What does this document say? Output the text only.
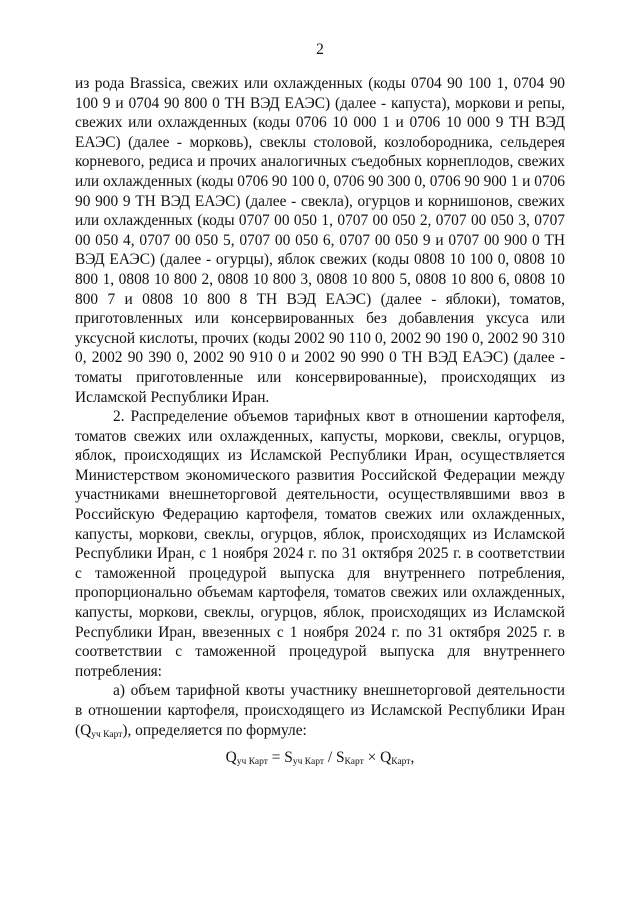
2

из рода Brassica, свежих или охлажденных (коды 0704 90 100 1, 0704 90 100 9 и 0704 90 800 0 ТН ВЭД ЕАЭС) (далее - капуста), моркови и репы, свежих или охлажденных (коды 0706 10 000 1 и 0706 10 000 9 ТН ВЭД ЕАЭС) (далее - морковь), свеклы столовой, козлобородника, сельдерея корневого, редиса и прочих аналогичных съедобных корнеплодов, свежих или охлажденных (коды 0706 90 100 0, 0706 90 300 0, 0706 90 900 1 и 0706 90 900 9 ТН ВЭД ЕАЭС) (далее - свекла), огурцов и корнишонов, свежих или охлажденных (коды 0707 00 050 1, 0707 00 050 2, 0707 00 050 3, 0707 00 050 4, 0707 00 050 5, 0707 00 050 6, 0707 00 050 9 и 0707 00 900 0 ТН ВЭД ЕАЭС) (далее - огурцы), яблок свежих (коды 0808 10 100 0, 0808 10 800 1, 0808 10 800 2, 0808 10 800 3, 0808 10 800 5, 0808 10 800 6, 0808 10 800 7 и 0808 10 800 8 ТН ВЭД ЕАЭС) (далее - яблоки), томатов, приготовленных или консервированных без добавления уксуса или уксусной кислоты, прочих (коды 2002 90 110 0, 2002 90 190 0, 2002 90 310 0, 2002 90 390 0, 2002 90 910 0 и 2002 90 990 0 ТН ВЭД ЕАЭС) (далее - томаты приготовленные или консервированные), происходящих из Исламской Республики Иран.

2. Распределение объемов тарифных квот в отношении картофеля, томатов свежих или охлажденных, капусты, моркови, свеклы, огурцов, яблок, происходящих из Исламской Республики Иран, осуществляется Министерством экономического развития Российской Федерации между участниками внешнеторговой деятельности, осуществлявшими ввоз в Российскую Федерацию картофеля, томатов свежих или охлажденных, капусты, моркови, свеклы, огурцов, яблок, происходящих из Исламской Республики Иран, с 1 ноября 2024 г. по 31 октября 2025 г. в соответствии с таможенной процедурой выпуска для внутреннего потребления, пропорционально объемам картофеля, томатов свежих или охлажденных, капусты, моркови, свеклы, огурцов, яблок, происходящих из Исламской Республики Иран, ввезенных с 1 ноября 2024 г. по 31 октября 2025 г. в соответствии с таможенной процедурой выпуска для внутреннего потребления:

а) объем тарифной квоты участнику внешнеторговой деятельности в отношении картофеля, происходящего из Исламской Республики Иран $(Q_{уч Карт})$, определяется по формуле:

$Q_{уч Карт} = S_{уч Карт} / S_{Карт} \times Q_{Карт}$,
